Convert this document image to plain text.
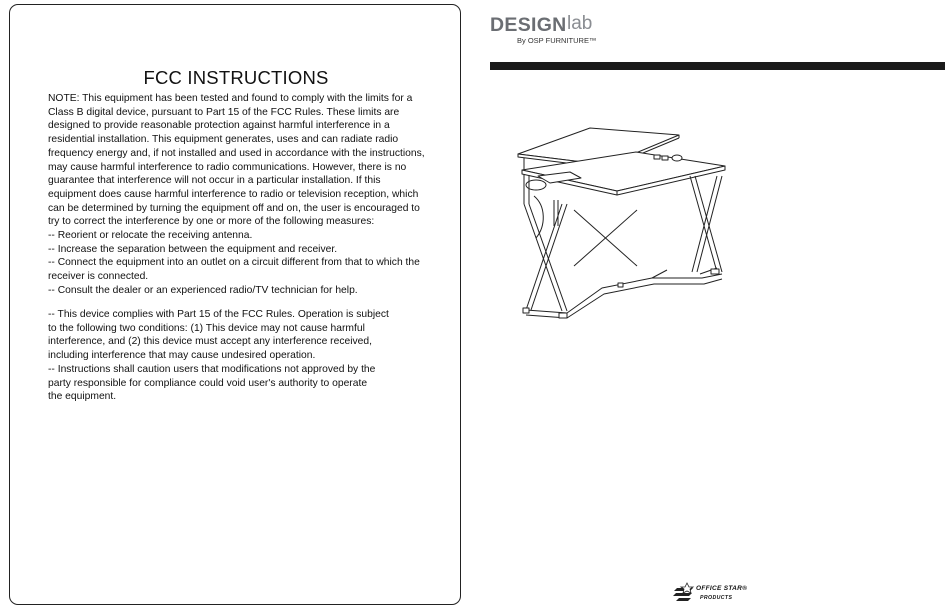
FCC INSTRUCTIONS

NOTE: This equipment has been tested and found to comply with the limits for a

Class B digital device, pursuant to Part 15 of the FCC Rules. These limits are

designed to provide reasonable protection against harmful interference in a

residential installation. This equipment generates, uses and can radiate radio

frequency energy and, if not installed and used in accordance with the instructions,

may cause harmful interference to radio communications. However, there is no

guarantee that interference will not occur in a particular installation. If this

equipment does cause harmful interference to radio or television reception, which

can be determined by turning the equipment off and on, the user is encouraged to

try to correct the interference by one or more of the following measures:

-- Reorient or relocate the receiving antenna.

-- Increase the separation between the equipment and receiver.

-- Connect the equipment into an outlet on a circuit different from that to which the

receiver is connected.

-- Consult the dealer or an experienced radio/TV technician for help.

-- This device complies with Part 15 of the FCC Rules. Operation is subject

to the following two conditions: (1) This device may not cause harmful

interference, and (2) this device must accept any interference received,

including interference that may cause undesired operation.

-- Instructions shall caution users that modifications not approved by the

party responsible for compliance could void user's authority to operate

the equipment.

DESIGN lab
By OSP FURNITURE™
OFFICE STAR®
PRODUCTS
